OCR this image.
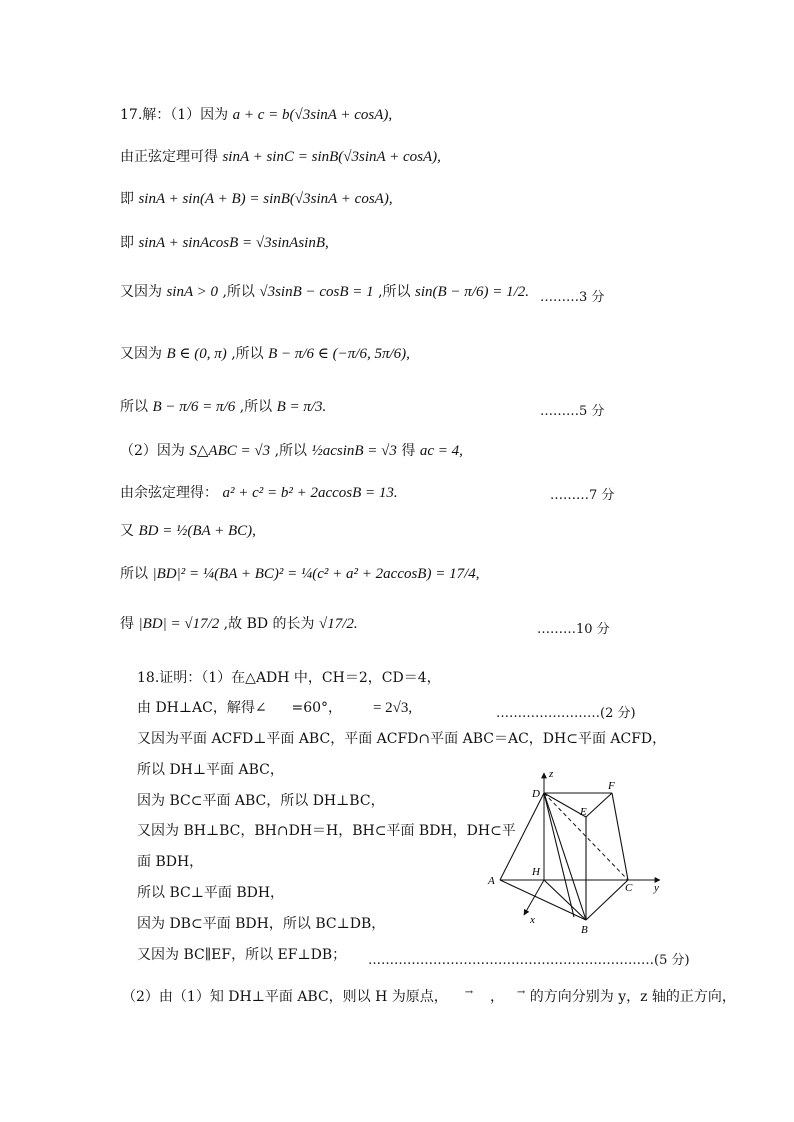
17.解：（1）因为 a + c = b(√3sinA + cosA),
由正弦定理可得 sinA + sinC = sinB(√3sinA + cosA),
即 sinA + sin(A + B) = sinB(√3sinA + cosA),
即 sinA + sinAcosB = √3sinAsinB,
又因为 sinA > 0 ,所以 √3sinB − cosB = 1 ,所以 sin(B − π/6) = 1/2. ………3 分
又因为 B ∈ (0, π) ,所以 B − π/6 ∈ (−π/6, 5π/6),
所以 B − π/6 = π/6 ,所以 B = π/3.	………5 分
（2）因为 S△ABC = √3 ,所以 ½acsinB = √3 得 ac = 4,
由余弦定理得： a² + c² = b² + 2accosB = 13.	………7 分
又 BD = ½(BA + BC),
所以 |BD|² = ¼(BA + BC)² = ¼(c² + a² + 2accosB) = 17/4,
得 |BD| = √17/2 ,故 BD 的长为 √17/2.	………10 分
18.证明：（1）在△ADH 中，CH＝2，CD＝4，
由 DH⊥AC，解得∠ =60°， = 2√3,	……………………(2 分)
又因为平面 ACFD⊥平面 ABC，平面 ACFD∩平面 ABC＝AC，DH⊂平面 ACFD，
所以 DH⊥平面 ABC，
因为 BC⊂平面 ABC，所以 DH⊥BC，
又因为 BH⊥BC，BH∩DH＝H，BH⊂平面 BDH，DH⊂平
面 BDH，
所以 BC⊥平面 BDH，
因为 DB⊂平面 BDH，所以 BC⊥DB，
又因为 BC∥EF，所以 EF⊥DB； …………………………………………………………(5 分)
（2）由（1）知 DH⊥平面 ABC，则以 H 为原点， → ， → 的方向分别为 y，z 轴的正方向，
z
D
F
E
H
A
C y
x
B
